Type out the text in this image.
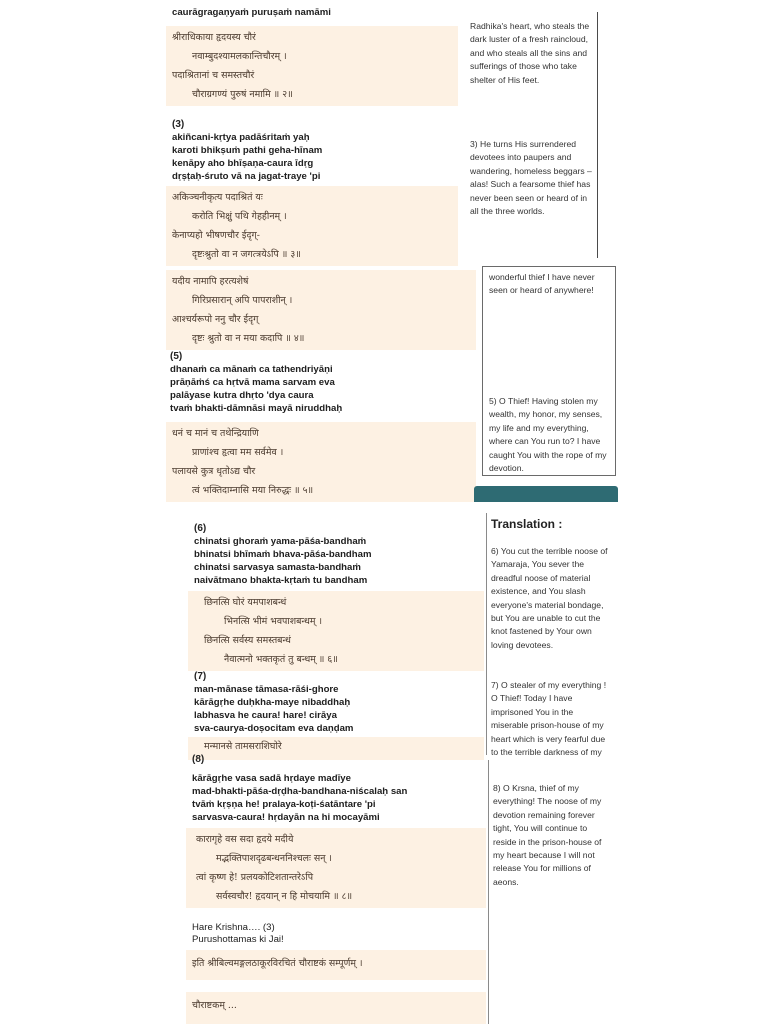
caurāgragaṇyaṁ puruṣaṁ namāmi
श्रीराधिकाया हृदयस्य चौरं
नवाम्बुदश्यामलकान्तिचौरम् ।
पदाश्रितानां च समस्तचौरं
चौराग्रगण्यं पुरुषं नमामि ॥ २॥
(3)
akiñcani-kṛtya padāśritaṁ yaḥ
karoti bhikṣuṁ pathi geha-hīnam
kenāpy aho bhīṣaṇa-caura īdṛg
dṛṣṭaḥ-śruto vā na jagat-traye 'pi
अकिञ्चनीकृत्य पदाश्रितं यः
करोति भिक्षुं पथि गेहहीनम् ।
केनाप्यहो भीषणचौर ईदृग्-
दृष्टःश्रुतो वा न जगत्त्रयेऽपि ॥ ३॥
Radhika's heart, who steals the
dark luster of a fresh raincloud,
and who steals all the sins and
sufferings of those who take
shelter of His feet.
3) He turns His surrendered
devotees into paupers and
wandering, homeless beggars –
alas! Such a fearsome thief has
never been seen or heard of in
all the three worlds.
यदीय नामापि हरत्यशेषं
गिरिप्रसारान् अपि पापराशीन् ।
आश्चर्यरूपो ननु चौर ईदृग्
दृष्टः श्रुतो वा न मया कदापि ॥ ४॥
(5)
dhanaṁ ca mānaṁ ca tathendriyāṇi
prāṇāṁś ca hṛtvā mama sarvam eva
palāyase kutra dhṛto 'dya caura
tvaṁ bhakti-dāmnāsi mayā niruddhaḥ
धनं च मानं च तथेन्द्रियाणि
प्राणांश्च हृत्वा मम सर्वमेव ।
पलायसे कुत्र धृतोऽद्य चौर
त्वं भक्तिदाम्नासि मया निरुद्धः ॥ ५॥
wonderful thief I have never
seen or heard of anywhere!
5) O Thief! Having stolen my
wealth, my honor, my senses,
my life and my everything,
where can You run to? I have
caught You with the rope of my
devotion.
(6)
chinatsi ghoraṁ yama-pāśa-bandhaṁ
bhinatsi bhīmaṁ bhava-pāśa-bandham
chinatsi sarvasya samasta-bandhaṁ
naivātmano bhakta-kṛtaṁ tu bandham
छिनत्सि घोरं यमपाशबन्धं
भिनत्सि भीमं भवपाशबन्धम् ।
छिनत्सि सर्वस्य समस्तबन्धं
नैवात्मनो भक्तकृतं तु बन्धम् ॥ ६॥
(7)
man-mānase tāmasa-rāśi-ghore
kārāgṛhe duḥkha-maye nibaddhaḥ
labhasva he caura! hare! cirāya
sva-caurya-doṣocitam eva daṇḍam
मन्मानसे तामसराशिघोरे
Translation :
6) You cut the terrible noose of
Yamaraja, You sever the
dreadful noose of material
existence, and You slash
everyone's material bondage,
but You are unable to cut the
knot fastened by Your own
loving devotees.
7) O stealer of my everything !
O Thief! Today I have
imprisoned You in the
miserable prison-house of my
heart which is very fearful due
to the terrible darkness of my
(8)
kārāgṛhe vasa sadā hṛdaye madīye
mad-bhakti-pāśa-dṛḍha-bandhana-niścalaḥ san
tvāṁ kṛṣṇa he! pralaya-koṭi-śatāntare 'pi
sarvasva-caura! hṛdayān na hi mocayāmi
कारागृहे वस सदा हृदये मदीये
मद्भक्तिपाशदृढबन्धननिश्चलः सन् ।
त्वां कृष्ण हे! प्रलयकोटिशतान्तरेऽपि
सर्वस्वचौर! हृदयान् न हि मोचयामि ॥ ८॥
Hare Krishna…. (3)
Purushottamas ki Jai!
इति श्रीबिल्वमङ्गलठाकूरविरचितं चौराष्टकं सम्पूर्णम् ।
चौराष्टकम् ...
8) O Krsna, thief of my
everything! The noose of my
devotion remaining forever
tight, You will continue to
reside in the prison-house of
my heart because I will not
release You for millions of
aeons.
